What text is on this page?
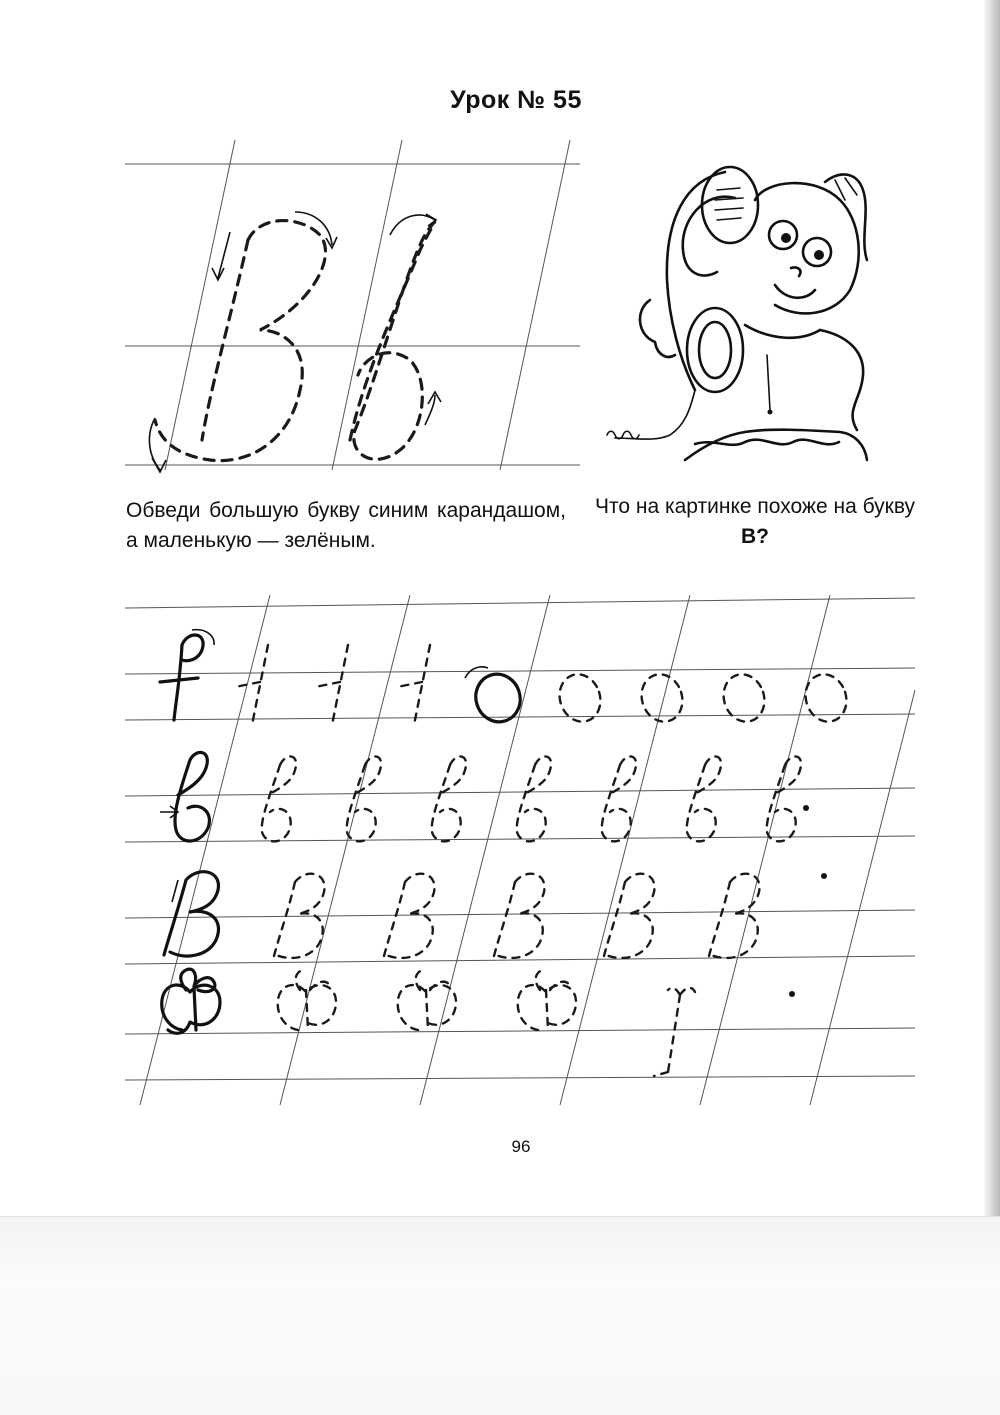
Урок № 55

Обведи большую букву синим карандашом, а маленькую — зелёным.

Что на картинке похоже на букву В?

96
